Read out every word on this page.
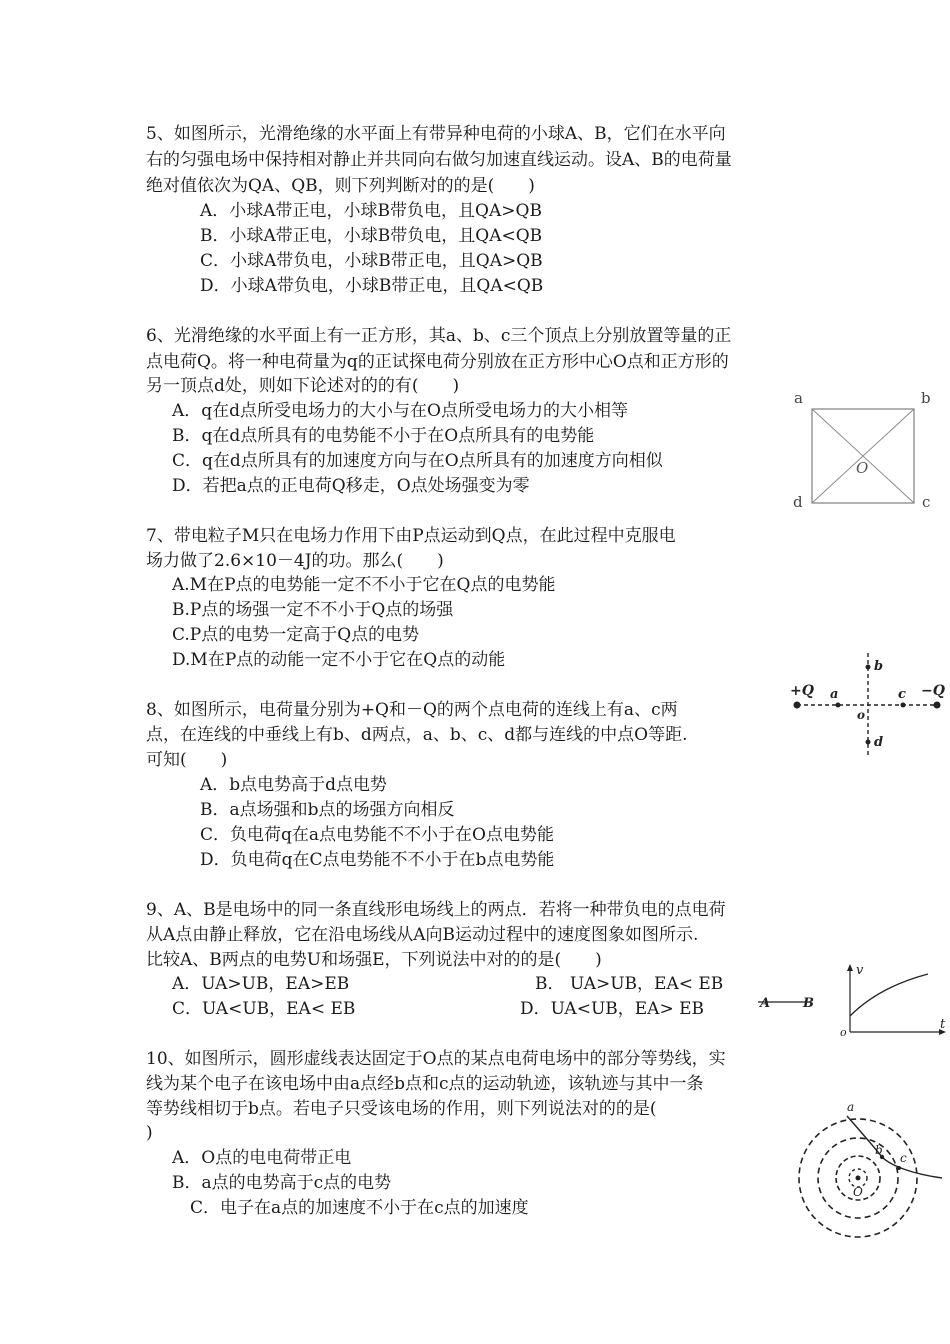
5、如图所示，光滑绝缘的水平面上有带异种电荷的小球A、B，它们在水平向
右的匀强电场中保持相对静止并共同向右做匀加速直线运动。设A、B的电荷量
绝对值依次为QA、QB，则下列判断对的的是(　　)
A．小球A带正电，小球B带负电，且QA>QB
B．小球A带正电，小球B带负电，且QA<QB
C．小球A带负电，小球B带正电，且QA>QB
D．小球A带负电，小球B带正电，且QA<QB
6、光滑绝缘的水平面上有一正方形，其a、b、c三个顶点上分别放置等量的正
点电荷Q。将一种电荷量为q的正试探电荷分别放在正方形中心O点和正方形的
另一顶点d处，则如下论述对的的有(　　)
A．q在d点所受电场力的大小与在O点所受电场力的大小相等
B．q在d点所具有的电势能不小于在O点所具有的电势能
C．q在d点所具有的加速度方向与在O点所具有的加速度方向相似
D．若把a点的正电荷Q移走，O点处场强变为零
a	b
c
d
O
7、带电粒子M只在电场力作用下由P点运动到Q点，在此过程中克服电
场力做了2.6×10－4J的功。那么(　　)
A.M在P点的电势能一定不不小于它在Q点的电势能
B.P点的场强一定不不小于Q点的场强
C.P点的电势一定高于Q点的电势
D.M在P点的动能一定不小于它在Q点的动能
8、如图所示，电荷量分别为+Q和－Q的两个点电荷的连线上有a、c两
点，在连线的中垂线上有b、d两点，a、b、c、d都与连线的中点O等距.
可知(　　)
A．b点电势高于d点电势
B．a点场强和b点的场强方向相反
C．负电荷q在a点电势能不不小于在O点电势能
D．负电荷q在C点电势能不不小于在b点电势能
+Q	−Q
a	c
b
d
o
9、A、B是电场中的同一条直线形电场线上的两点．若将一种带负电的点电荷
从A点由静止释放，它在沿电场线从A向B运动过程中的速度图象如图所示.
比较A、B两点的电势U和场强E，下列说法中对的的是(　　)
A．UA>UB，EA>EB	B． UA>UB，EA< EB
C．UA<UB，EA< EB	D．UA<UB，EA> EB	A	B
v
t
o
10、如图所示，圆形虚线表达固定于O点的某点电荷电场中的部分等势线，实
线为某个电子在该电场中由a点经b点和c点的运动轨迹，该轨迹与其中一条
等势线相切于b点。若电子只受该电场的作用，则下列说法对的的是(
)
A．O点的电电荷带正电
B．a点的电势高于c点的电势
C．电子在a点的加速度不小于在c点的加速度
a
b
c
O
